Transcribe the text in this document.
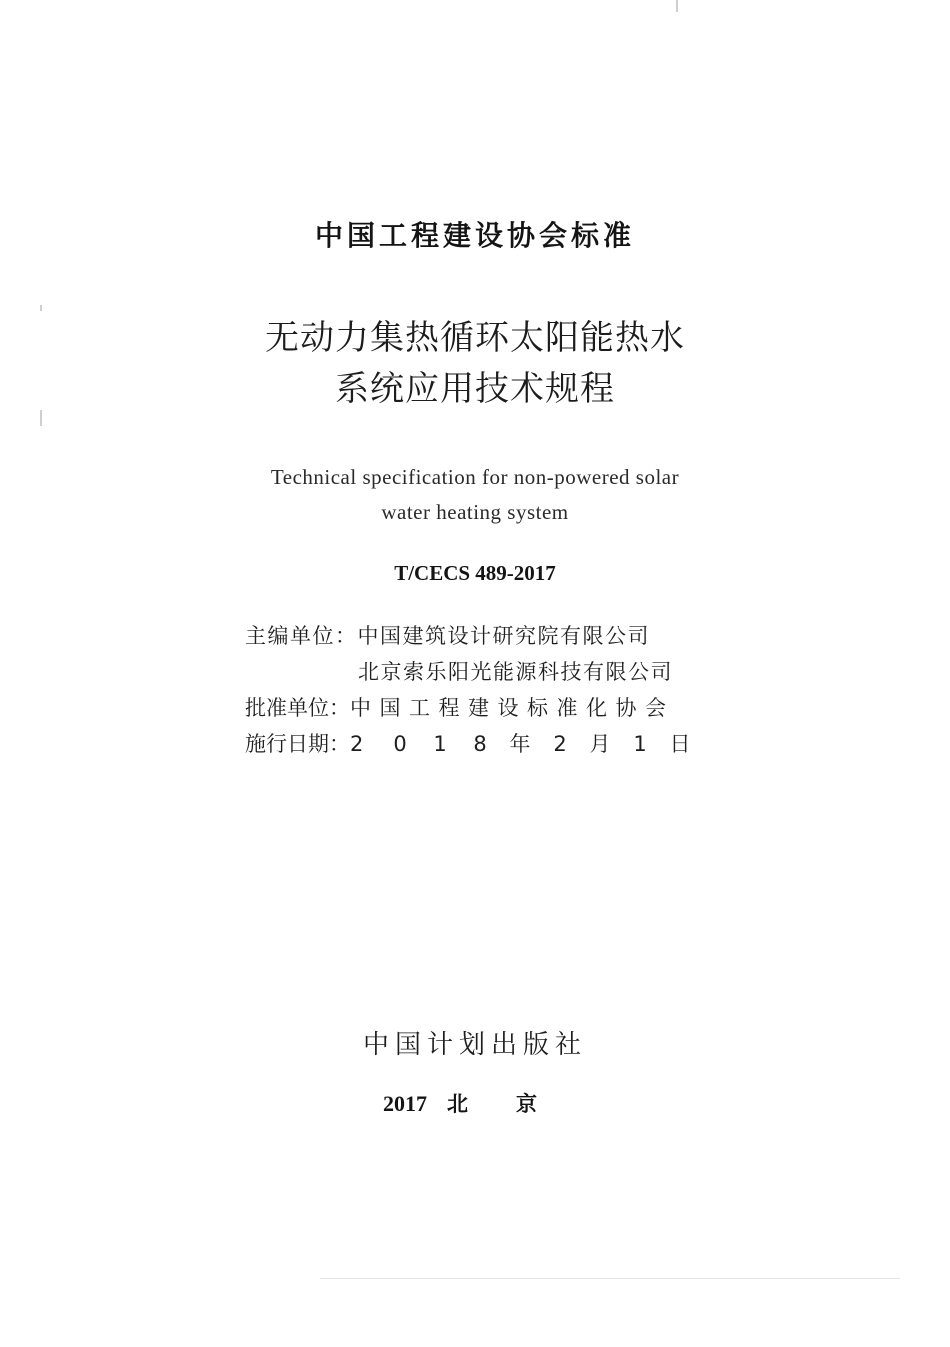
中国工程建设协会标准
无动力集热循环太阳能热水
系统应用技术规程
Technical specification for non-powered solar
water heating system
T/CECS 489-2017
主编单位：中国建筑设计研究院有限公司
北京索乐阳光能源科技有限公司
批准单位：中国工程建设标准化协会
施行日期：2 0 1 8 年 2 月 1 日
中国计划出版社
2017 北京
